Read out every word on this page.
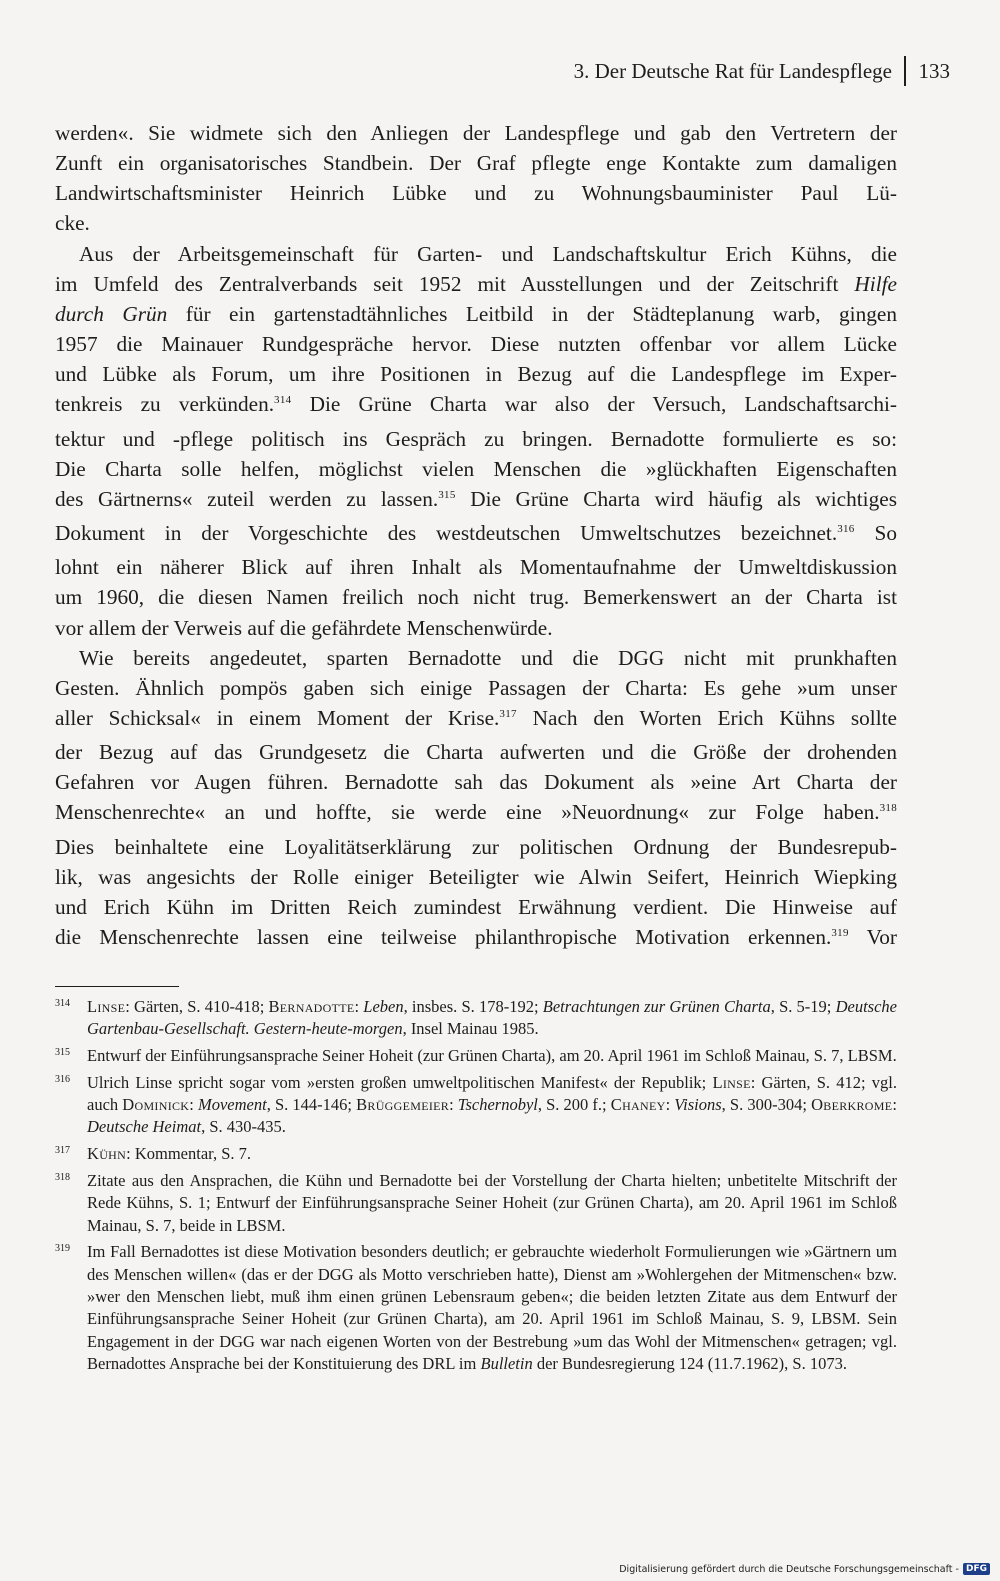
3. Der Deutsche Rat für Landespflege 133

werden«. Sie widmete sich den Anliegen der Landespflege und gab den Vertretern der
Zunft ein organisatorisches Standbein. Der Graf pflegte enge Kontakte zum damaligen
Landwirtschaftsminister Heinrich Lübke und zu Wohnungsbauminister Paul Lü-
cke.

Aus der Arbeitsgemeinschaft für Garten- und Landschaftskultur Erich Kühns, die
im Umfeld des Zentralverbands seit 1952 mit Ausstellungen und der Zeitschrift Hilfe
durch Grün für ein gartenstadtähnliches Leitbild in der Städteplanung warb, gingen
1957 die Mainauer Rundgespräche hervor. Diese nutzten offenbar vor allem Lücke
und Lübke als Forum, um ihre Positionen in Bezug auf die Landespflege im Exper-
tenkreis zu verkünden.$^{314}$ Die Grüne Charta war also der Versuch, Landschaftsarchi-
tektur und -pflege politisch ins Gespräch zu bringen. Bernadotte formulierte es so:
Die Charta solle helfen, möglichst vielen Menschen die »glückhaften Eigenschaften
des Gärtnerns« zuteil werden zu lassen.$^{315}$ Die Grüne Charta wird häufig als wichtiges
Dokument in der Vorgeschichte des westdeutschen Umweltschutzes bezeichnet.$^{316}$ So
lohnt ein näherer Blick auf ihren Inhalt als Momentaufnahme der Umweltdiskussion
um 1960, die diesen Namen freilich noch nicht trug. Bemerkenswert an der Charta ist
vor allem der Verweis auf die gefährdete Menschenwürde.

Wie bereits angedeutet, sparten Bernadotte und die DGG nicht mit prunkhaften
Gesten. Ähnlich pompös gaben sich einige Passagen der Charta: Es gehe »um unser
aller Schicksal« in einem Moment der Krise.$^{317}$ Nach den Worten Erich Kühns sollte
der Bezug auf das Grundgesetz die Charta aufwerten und die Größe der drohenden
Gefahren vor Augen führen. Bernadotte sah das Dokument als »eine Art Charta der
Menschenrechte« an und hoffte, sie werde eine »Neuordnung« zur Folge haben.$^{318}$
Dies beinhaltete eine Loyalitätserklärung zur politischen Ordnung der Bundesrepub-
lik, was angesichts der Rolle einiger Beteiligter wie Alwin Seifert, Heinrich Wiepking
und Erich Kühn im Dritten Reich zumindest Erwähnung verdient. Die Hinweise auf
die Menschenrechte lassen eine teilweise philanthropische Motivation erkennen.$^{319}$ Vor

314	Linse: Gärten, S. 410-418; Bernadotte: Leben, insbes. S. 178-192; Betrachtungen zur Grünen Charta, S. 5-19; Deutsche Gartenbau-Gesellschaft. Gestern-heute-morgen, Insel Mainau 1985.
315	Entwurf der Einführungsansprache Seiner Hoheit (zur Grünen Charta), am 20. April 1961 im Schloß Mainau, S. 7, LBSM.
316	Ulrich Linse spricht sogar vom »ersten großen umweltpolitischen Manifest« der Republik; Linse: Gärten, S. 412; vgl. auch Dominick: Movement, S. 144-146; Brüggemeier: Tschernobyl, S. 200 f.; Chaney: Visions, S. 300-304; Oberkrome: Deutsche Heimat, S. 430-435.
317	Kühn: Kommentar, S. 7.
318	Zitate aus den Ansprachen, die Kühn und Bernadotte bei der Vorstellung der Charta hielten; unbetitelte Mitschrift der Rede Kühns, S. 1; Entwurf der Einführungsansprache Seiner Hoheit (zur Grünen Charta), am 20. April 1961 im Schloß Mainau, S. 7, beide in LBSM.
319	Im Fall Bernadottes ist diese Motivation besonders deutlich; er gebrauchte wiederholt Formulierungen wie »Gärtnern um des Menschen willen« (das er der DGG als Motto verschrieben hatte), Dienst am »Wohlergehen der Mitmenschen« bzw. »wer den Menschen liebt, muß ihm einen grünen Lebensraum geben«; die beiden letzten Zitate aus dem Entwurf der Einführungsansprache Seiner Hoheit (zur Grünen Charta), am 20. April 1961 im Schloß Mainau, S. 9, LBSM. Sein Engagement in der DGG war nach eigenen Worten von der Bestrebung »um das Wohl der Mitmenschen« getragen; vgl. Bernadottes Ansprache bei der Konstituierung des DRL im Bulletin der Bundesregierung 124 (11.7.1962), S. 1073.
Digitalisierung gefördert durch die Deutsche Forschungsgemeinschaft - DFG
